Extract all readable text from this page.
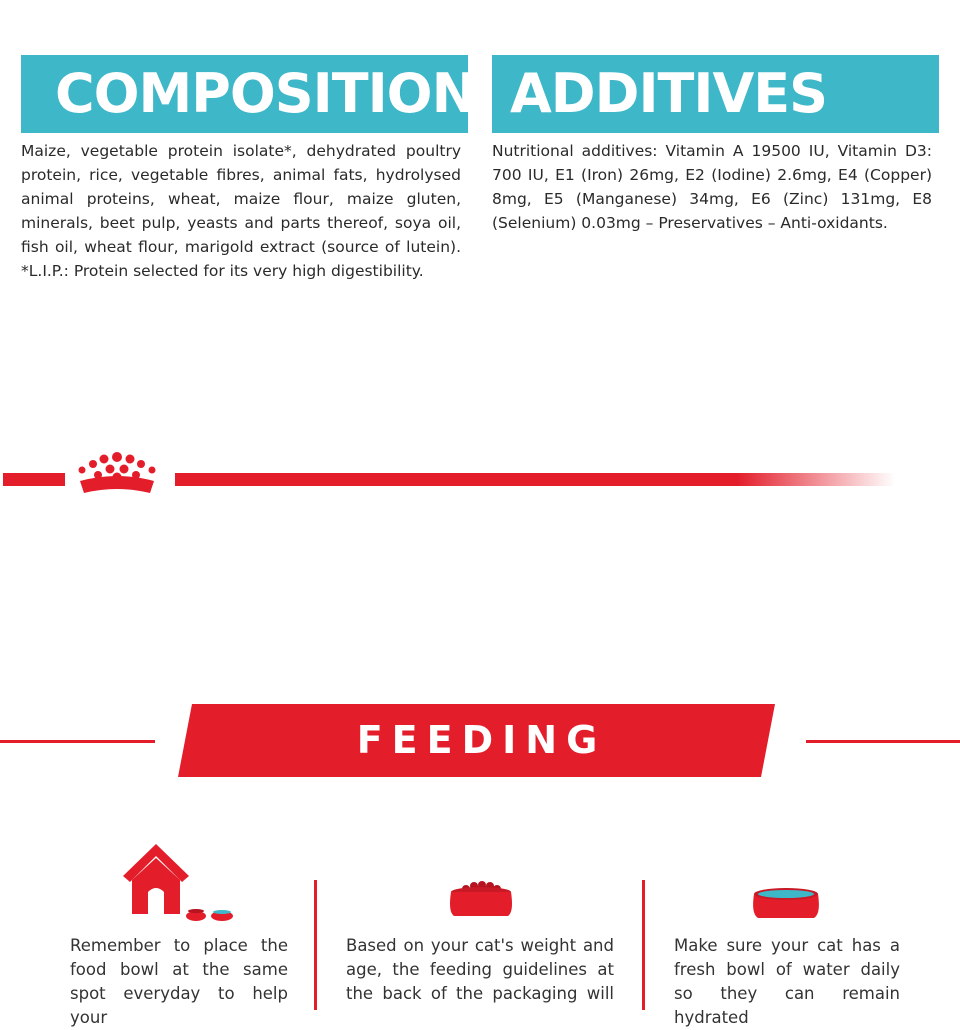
COMPOSITION

Maize, vegetable protein isolate*, dehydrated poultry protein, rice, vegetable fibres, animal fats, hydrolysed animal proteins, wheat, maize flour, maize gluten, minerals, beet pulp, yeasts and parts thereof, soya oil, fish oil, wheat flour, marigold extract (source of lutein). *L.I.P.: Protein selected for its very high digestibility.

ADDITIVES

Nutritional additives: Vitamin A 19500 IU, Vitamin D3: 700 IU, E1 (Iron) 26mg, E2 (Iodine) 2.6mg, E4 (Copper) 8mg, E5 (Manganese) 34mg, E6 (Zinc) 131mg, E8 (Selenium) 0.03mg – Preservatives – Anti-oxidants.

FEEDING GUIDELINES

Remember to place the food bowl at the same spot everyday to help your

Based on your cat's weight and age, the feeding guidelines at the back of the packaging will

Make sure your cat has a fresh bowl of water daily so they can remain hydrated
